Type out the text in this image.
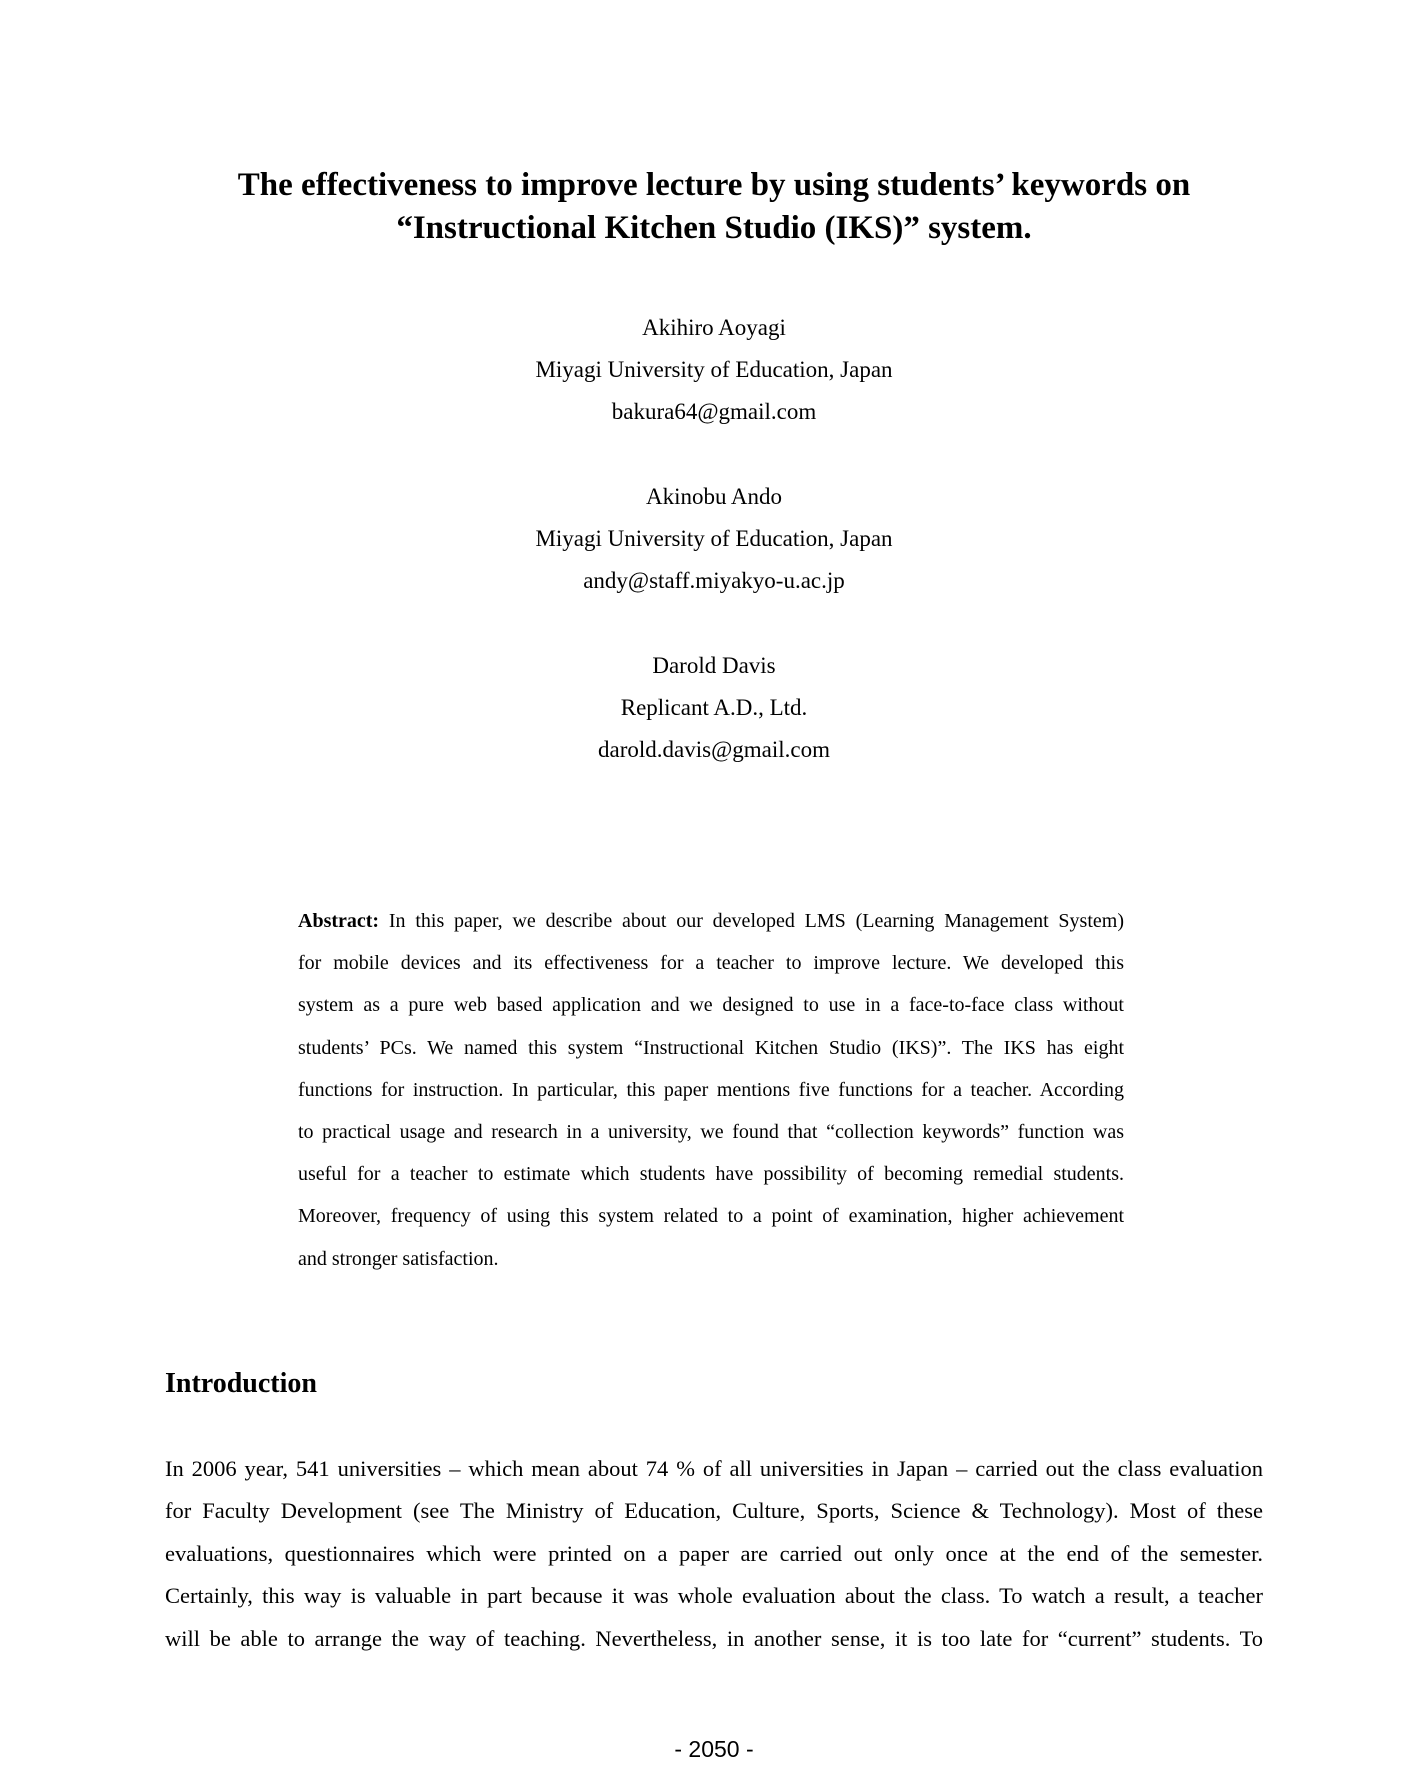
The effectiveness to improve lecture by using students’ keywords on
“Instructional Kitchen Studio (IKS)” system.
Akihiro Aoyagi
Miyagi University of Education, Japan
bakura64@gmail.com
Akinobu Ando
Miyagi University of Education, Japan
andy@staff.miyakyo-u.ac.jp
Darold Davis
Replicant A.D., Ltd.
darold.davis@gmail.com
Abstract: In this paper, we describe about our developed LMS (Learning Management System)
for mobile devices and its effectiveness for a teacher to improve lecture. We developed this
system as a pure web based application and we designed to use in a face-to-face class without
students’ PCs. We named this system “Instructional Kitchen Studio (IKS)”. The IKS has eight
functions for instruction. In particular, this paper mentions five functions for a teacher. According
to practical usage and research in a university, we found that “collection keywords” function was
useful for a teacher to estimate which students have possibility of becoming remedial students.
Moreover, frequency of using this system related to a point of examination, higher achievement
and stronger satisfaction.
Introduction
In 2006 year, 541 universities – which mean about 74 % of all universities in Japan – carried out the class evaluation
for Faculty Development (see The Ministry of Education, Culture, Sports, Science & Technology). Most of these
evaluations, questionnaires which were printed on a paper are carried out only once at the end of the semester.
Certainly, this way is valuable in part because it was whole evaluation about the class. To watch a result, a teacher
will be able to arrange the way of teaching. Nevertheless, in another sense, it is too late for “current” students. To
- 2050 -
